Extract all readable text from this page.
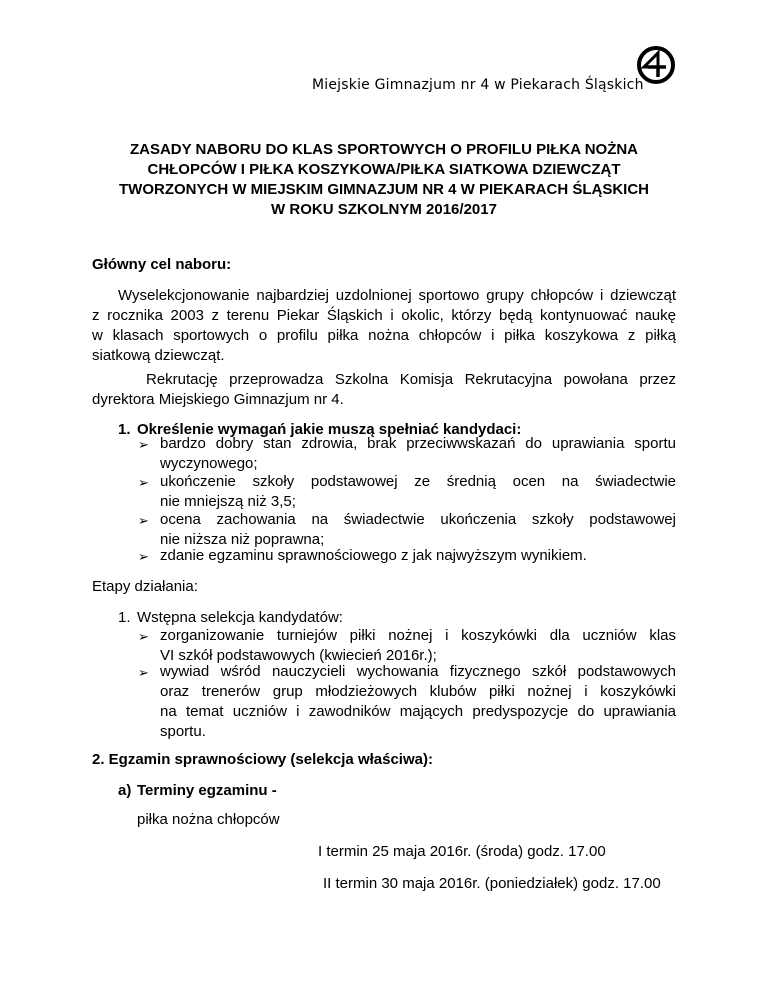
Miejskie Gimnazjum nr 4 w Piekarach Śląskich
ZASADY NABORU DO KLAS SPORTOWYCH O PROFILU PIŁKA NOŻNA
CHŁOPCÓW I PIŁKA KOSZYKOWA/PIŁKA SIATKOWA DZIEWCZĄT
TWORZONYCH W MIEJSKIM GIMNAZJUM NR 4 W PIEKARACH ŚLĄSKICH
W ROKU SZKOLNYM 2016/2017
Główny cel naboru:
Wyselekcjonowanie najbardziej uzdolnionej sportowo grupy chłopców i dziewcząt
z rocznika 2003 z terenu Piekar Śląskich i okolic, którzy będą kontynuować naukę
w klasach sportowych o profilu piłka nożna chłopców i piłka koszykowa z piłką
siatkową dziewcząt.
Rekrutację przeprowadza Szkolna Komisja Rekrutacyjna powołana przez
dyrektora Miejskiego Gimnazjum nr 4.
1. Określenie wymagań jakie muszą spełniać kandydaci:
➢ bardzo dobry stan zdrowia, brak przeciwwskazań do uprawiania sportu
wyczynowego;
➢ ukończenie szkoły podstawowej ze średnią ocen na świadectwie
nie mniejszą niż 3,5;
➢ ocena zachowania na świadectwie ukończenia szkoły podstawowej
nie niższa niż poprawna;
➢ zdanie egzaminu sprawnościowego z jak najwyższym wynikiem.
Etapy działania:
1. Wstępna selekcja kandydatów:
➢ zorganizowanie turniejów piłki nożnej i koszykówki dla uczniów klas
VI szkół podstawowych (kwiecień 2016r.);
➢ wywiad wśród nauczycieli wychowania fizycznego szkół podstawowych
oraz trenerów grup młodzieżowych klubów piłki nożnej i koszykówki
na temat uczniów i zawodników mających predyspozycje do uprawiania
sportu.
2. Egzamin sprawnościowy (selekcja właściwa):
a) Terminy egzaminu -
piłka nożna chłopców
I termin 25 maja 2016r. (środa) godz. 17.00
II termin 30 maja 2016r. (poniedziałek) godz. 17.00
